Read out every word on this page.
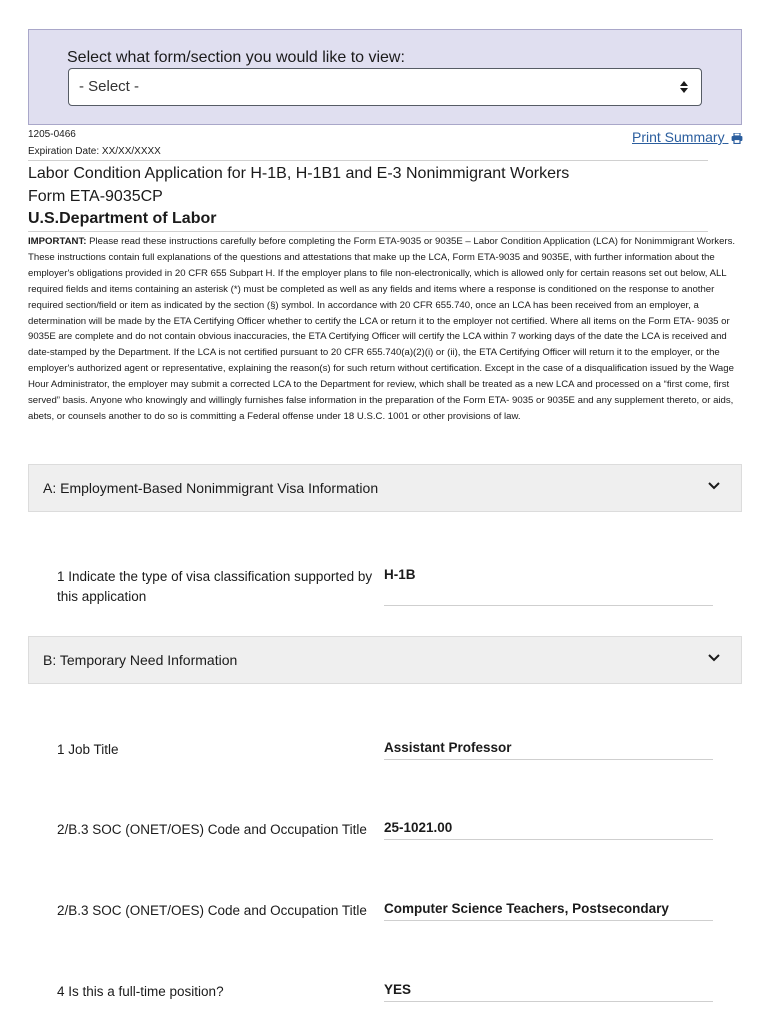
Select what form/section you would like to view:
- Select -
1205-0466
Expiration Date: XX/XX/XXXX
Print Summary
Labor Condition Application for H-1B, H-1B1 and E-3 Nonimmigrant Workers
Form ETA-9035CP
U.S.Department of Labor
IMPORTANT: Please read these instructions carefully before completing the Form ETA-9035 or 9035E – Labor Condition Application (LCA) for Nonimmigrant Workers. These instructions contain full explanations of the questions and attestations that make up the LCA, Form ETA-9035 and 9035E, with further information about the employer's obligations provided in 20 CFR 655 Subpart H. If the employer plans to file non-electronically, which is allowed only for certain reasons set out below, ALL required fields and items containing an asterisk (*) must be completed as well as any fields and items where a response is conditioned on the response to another required section/field or item as indicated by the section (§) symbol. In accordance with 20 CFR 655.740, once an LCA has been received from an employer, a determination will be made by the ETA Certifying Officer whether to certify the LCA or return it to the employer not certified. Where all items on the Form ETA- 9035 or 9035E are complete and do not contain obvious inaccuracies, the ETA Certifying Officer will certify the LCA within 7 working days of the date the LCA is received and date-stamped by the Department. If the LCA is not certified pursuant to 20 CFR 655.740(a)(2)(i) or (ii), the ETA Certifying Officer will return it to the employer, or the employer's authorized agent or representative, explaining the reason(s) for such return without certification. Except in the case of a disqualification issued by the Wage Hour Administrator, the employer may submit a corrected LCA to the Department for review, which shall be treated as a new LCA and processed on a “first come, first served” basis. Anyone who knowingly and willingly furnishes false information in the preparation of the Form ETA- 9035 or 9035E and any supplement thereto, or aids, abets, or counsels another to do so is committing a Federal offense under 18 U.S.C. 1001 or other provisions of law.
A: Employment-Based Nonimmigrant Visa Information
1 Indicate the type of visa classification supported by this application
H-1B
B: Temporary Need Information
1 Job Title	Assistant Professor
2/B.3 SOC (ONET/OES) Code and Occupation Title	25-1021.00
2/B.3 SOC (ONET/OES) Code and Occupation Title	Computer Science Teachers, Postsecondary
4 Is this a full-time position?	YES
